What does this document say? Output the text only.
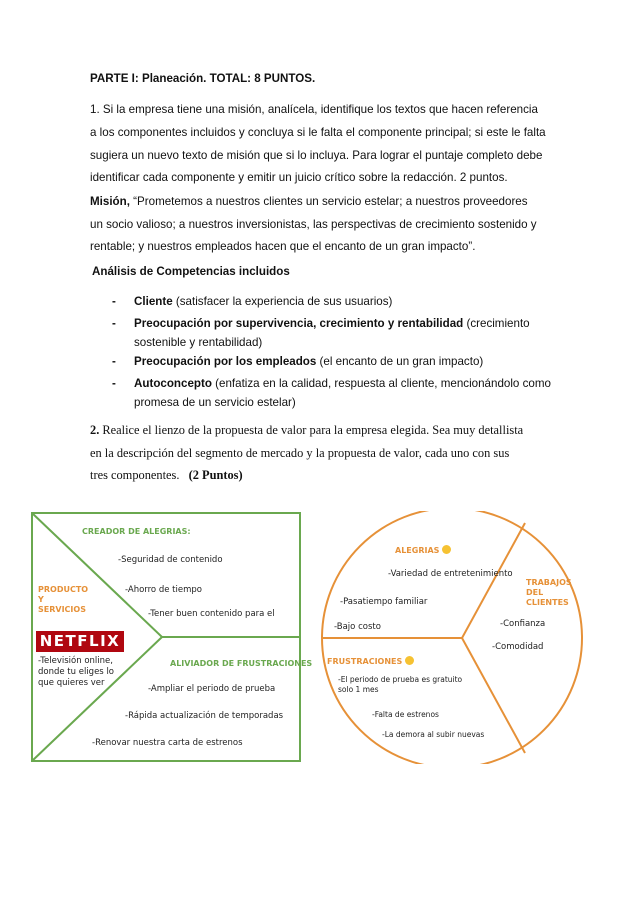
PARTE I: Planeación. TOTAL: 8 PUNTOS.
1. Si la empresa tiene una misión, analícela, identifique los textos que hacen referencia
a los componentes incluidos y concluya si le falta el componente principal; si este le falta
sugiera un nuevo texto de misión que si lo incluya. Para lograr el puntaje completo debe
identificar cada componente y emitir un juicio crítico sobre la redacción. 2 puntos.
Misión, “Prometemos a nuestros clientes un servicio estelar; a nuestros proveedores
un socio valioso; a nuestros inversionistas, las perspectivas de crecimiento sostenido y
rentable; y nuestros empleados hacen que el encanto de un gran impacto”.
Análisis de Competencias incluidos
- Cliente (satisfacer la experiencia de sus usuarios)
- Preocupación por supervivencia, crecimiento y rentabilidad (crecimiento
sostenible y rentabilidad)
- Preocupación por los empleados (el encanto de un gran impacto)
- Autoconcepto (enfatiza en la calidad, respuesta al cliente, mencionándolo como
promesa de un servicio estelar)
2. Realice el lienzo de la propuesta de valor para la empresa elegida. Sea muy detallista
en la descripción del segmento de mercado y la propuesta de valor, cada uno con sus
tres componentes. (2 Puntos)
CREADOR DE ALEGRIAS:
-Seguridad de contenido
-Ahorro de tiempo
-Tener buen contenido para el
PRODUCTO
Y
SERVICIOS
NETFLIX
-Televisión online,
donde tu eliges lo
que quieres ver
ALIVIADOR DE FRUSTRACIONES
-Ampliar el periodo de prueba
-Rápida actualización de temporadas
-Renovar nuestra carta de estrenos
ALEGRIAS
-Variedad de entretenimiento
-Pasatiempo familiar
-Bajo costo
TRABAJOS
DEL
CLIENTES
-Confianza
-Comodidad
FRUSTRACIONES
-El periodo de prueba es gratuito
solo 1 mes
-Falta de estrenos
-La demora al subir nuevas
